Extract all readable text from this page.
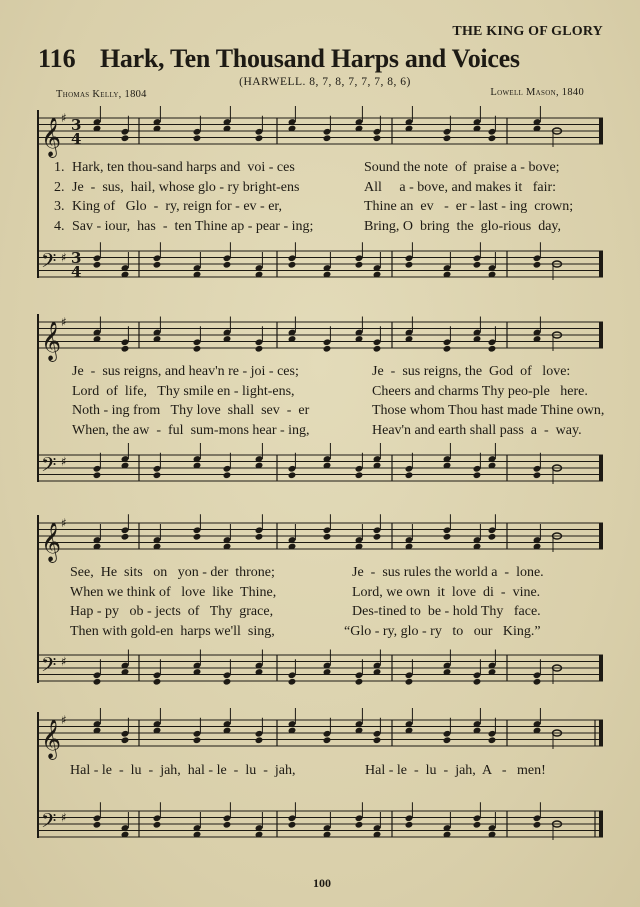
THE KING OF GLORY
116 Hark, Ten Thousand Harps and Voices
(HARWELL. 8, 7, 8, 7, 7, 7, 8, 6)
Thomas Kelly, 1804	Lowell Mason, 1840
𝄞 ♯ 3
4
1. Hark, ten thou-sand harps and  voi - ces	Sound the note  of  praise a - bove;
2. Je  -  sus,  hail, whose glo - ry bright-ens	All     a - bove, and makes it   fair:
3. King of   Glo  -  ry, reign for - ev - er,	Thine an  ev   -  er - last - ing  crown;
4. Sav - iour,  has  -  ten Thine ap - pear - ing;	Bring, O  bring  the  glo-rious  day,
𝄢 ♯ 3
4
𝄞 ♯
Je  -  sus reigns, and heav'n re - joi - ces;	Je  -  sus reigns, the  God  of   love:
Lord  of  life,   Thy smile en - light-ens,	Cheers and charms Thy peo-ple   here.
Noth - ing from   Thy love  shall  sev  -  er	Those whom Thou hast made Thine own,
When, the aw  -  ful  sum-mons hear - ing,	Heav'n and earth shall pass  a  -  way.
𝄢 ♯
𝄞 ♯
See,  He  sits   on   yon - der  throne;	Je  -  sus rules the world a  -  lone.
When we think of   love  like  Thine,	Lord, we own  it  love  di  -  vine.
Hap - py   ob - jects  of   Thy  grace,	Des-tined to  be - hold Thy   face.
Then with gold-en  harps we'll  sing,	“Glo - ry, glo - ry   to   our   King.”
𝄢 ♯
𝄞 ♯
Hal - le  -  lu  -  jah,  hal - le  -  lu  -  jah,	Hal - le  -  lu  -  jah,  A   -   men!
𝄢 ♯
100
